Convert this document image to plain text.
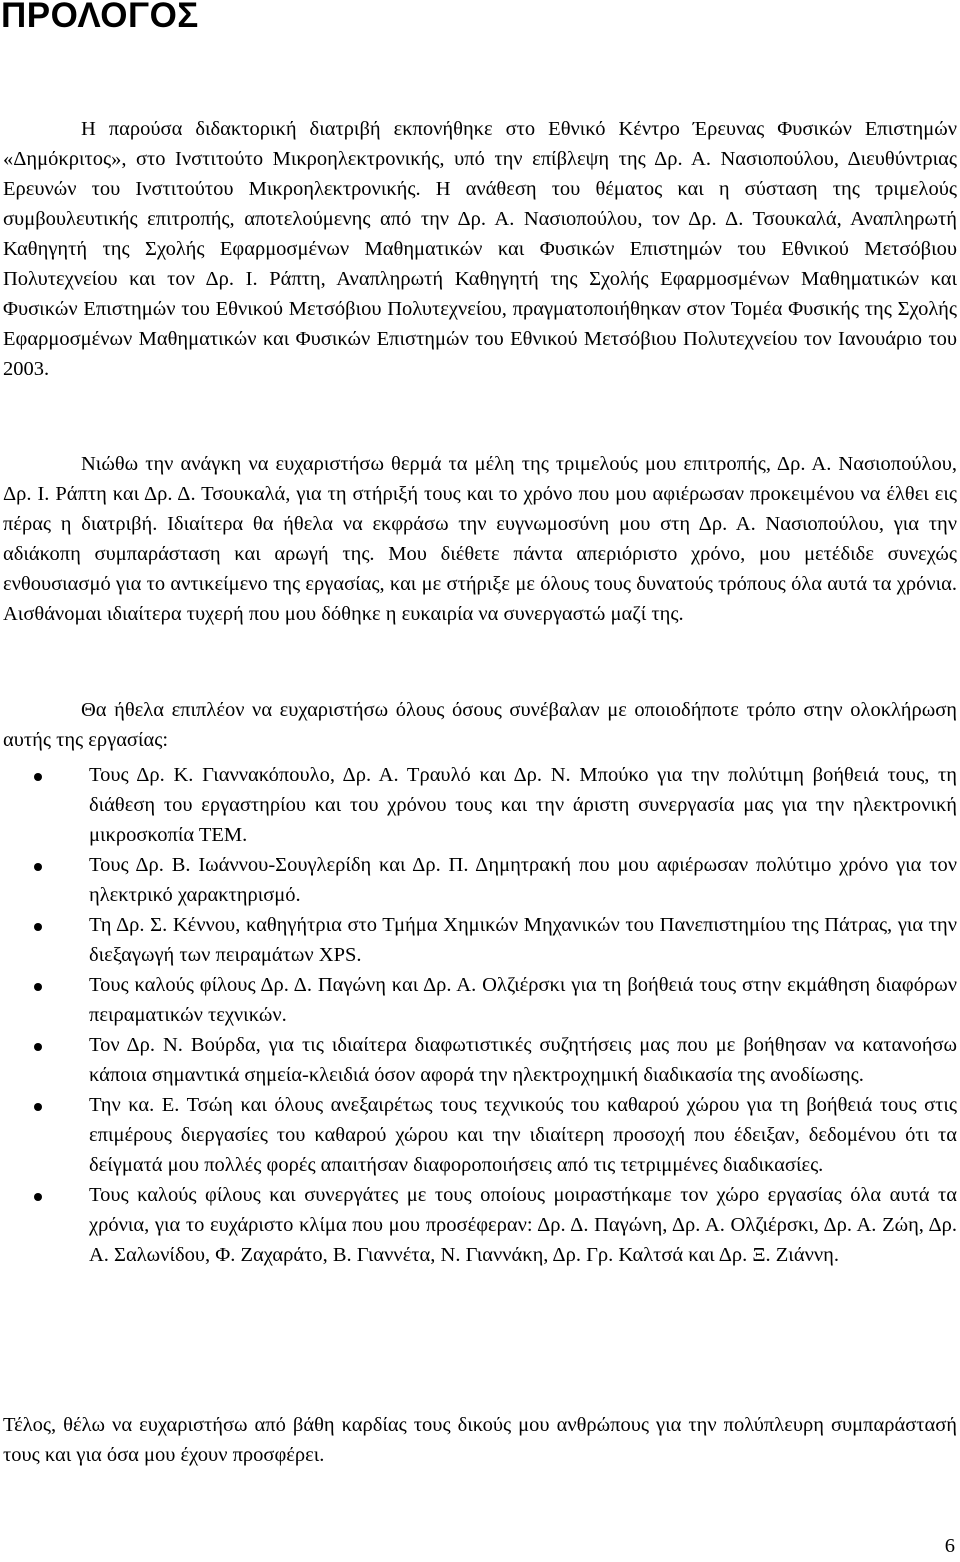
ΠΡΟΛΟΓΟΣ

Η παρούσα διδακτορική διατριβή εκπονήθηκε στο Εθνικό Κέντρο Έρευνας Φυσικών Επιστημών «Δημόκριτος», στο Ινστιτούτο Μικροηλεκτρονικής, υπό την επίβλεψη της Δρ. Α. Νασιοπούλου, Διευθύντριας Ερευνών του Ινστιτούτου Μικροηλεκτρονικής. Η ανάθεση του θέματος και η σύσταση της τριμελούς συμβουλευτικής επιτροπής, αποτελούμενης από την Δρ. Α. Νασιοπούλου, τον Δρ. Δ. Τσουκαλά, Αναπληρωτή Καθηγητή της Σχολής Εφαρμοσμένων Μαθηματικών και Φυσικών Επιστημών του Εθνικού Μετσόβιου Πολυτεχνείου και τον Δρ. Ι. Ράπτη, Αναπληρωτή Καθηγητή της Σχολής Εφαρμοσμένων Μαθηματικών και Φυσικών Επιστημών του Εθνικού Μετσόβιου Πολυτεχνείου, πραγματοποιήθηκαν στον Τομέα Φυσικής της Σχολής Εφαρμοσμένων Μαθηματικών και Φυσικών Επιστημών του Εθνικού Μετσόβιου Πολυτεχνείου τον Ιανουάριο του 2003.

Νιώθω την ανάγκη να ευχαριστήσω θερμά τα μέλη της τριμελούς μου επιτροπής, Δρ. Α. Νασιοπούλου, Δρ. Ι. Ράπτη και Δρ. Δ. Τσουκαλά, για τη στήριξή τους και το χρόνο που μου αφιέρωσαν προκειμένου να έλθει εις πέρας η διατριβή. Ιδιαίτερα θα ήθελα να εκφράσω την ευγνωμοσύνη μου στη Δρ. Α. Νασιοπούλου, για την αδιάκοπη συμπαράσταση και αρωγή της. Μου διέθετε πάντα απεριόριστο χρόνο, μου μετέδιδε συνεχώς ενθουσιασμό για το αντικείμενο της εργασίας, και με στήριξε με όλους τους δυνατούς τρόπους όλα αυτά τα χρόνια. Αισθάνομαι ιδιαίτερα τυχερή που μου δόθηκε η ευκαιρία να συνεργαστώ μαζί της.

Θα ήθελα επιπλέον να ευχαριστήσω όλους όσους συνέβαλαν με οποιοδήποτε τρόπο στην ολοκλήρωση αυτής της εργασίας:

Τους Δρ. Κ. Γιαννακόπουλο, Δρ. Α. Τραυλό και Δρ. Ν. Μπούκο για την πολύτιμη βοήθειά τους, τη διάθεση του εργαστηρίου και του χρόνου τους και την άριστη συνεργασία μας για την ηλεκτρονική μικροσκοπία ΤΕΜ.
Τους Δρ. Β. Ιωάννου-Σουγλερίδη και Δρ. Π. Δημητρακή που μου αφιέρωσαν πολύτιμο χρόνο για τον ηλεκτρικό χαρακτηρισμό.
Τη Δρ. Σ. Κέννου, καθηγήτρια στο Τμήμα Χημικών Μηχανικών του Πανεπιστημίου της Πάτρας, για την διεξαγωγή των πειραμάτων XPS.
Τους καλούς φίλους Δρ. Δ. Παγώνη και Δρ. Α. Ολζιέρσκι για τη βοήθειά τους στην εκμάθηση διαφόρων πειραματικών τεχνικών.
Τον Δρ. Ν. Βούρδα, για τις ιδιαίτερα διαφωτιστικές συζητήσεις μας που με βοήθησαν να κατανοήσω κάποια σημαντικά σημεία-κλειδιά όσον αφορά την ηλεκτροχημική διαδικασία της ανοδίωσης.
Την κα. Ε. Τσώη και όλους ανεξαιρέτως τους τεχνικούς του καθαρού χώρου για τη βοήθειά τους στις επιμέρους διεργασίες του καθαρού χώρου και την ιδιαίτερη προσοχή που έδειξαν, δεδομένου ότι τα δείγματά μου πολλές φορές απαιτήσαν διαφοροποιήσεις από τις τετριμμένες διαδικασίες.
Τους καλούς φίλους και συνεργάτες με τους οποίους μοιραστήκαμε τον χώρο εργασίας όλα αυτά τα χρόνια, για το ευχάριστο κλίμα που μου προσέφεραν: Δρ. Δ. Παγώνη, Δρ. Α. Ολζιέρσκι, Δρ. Α. Ζώη, Δρ. Α. Σαλωνίδου, Φ. Ζαχαράτο, Β. Γιαννέτα, Ν. Γιαννάκη, Δρ. Γρ. Καλτσά και Δρ. Ξ. Ζιάννη.

Τέλος, θέλω να ευχαριστήσω από βάθη καρδίας τους δικούς μου ανθρώπους για την πολύπλευρη συμπαράστασή τους και για όσα μου έχουν προσφέρει.

6
